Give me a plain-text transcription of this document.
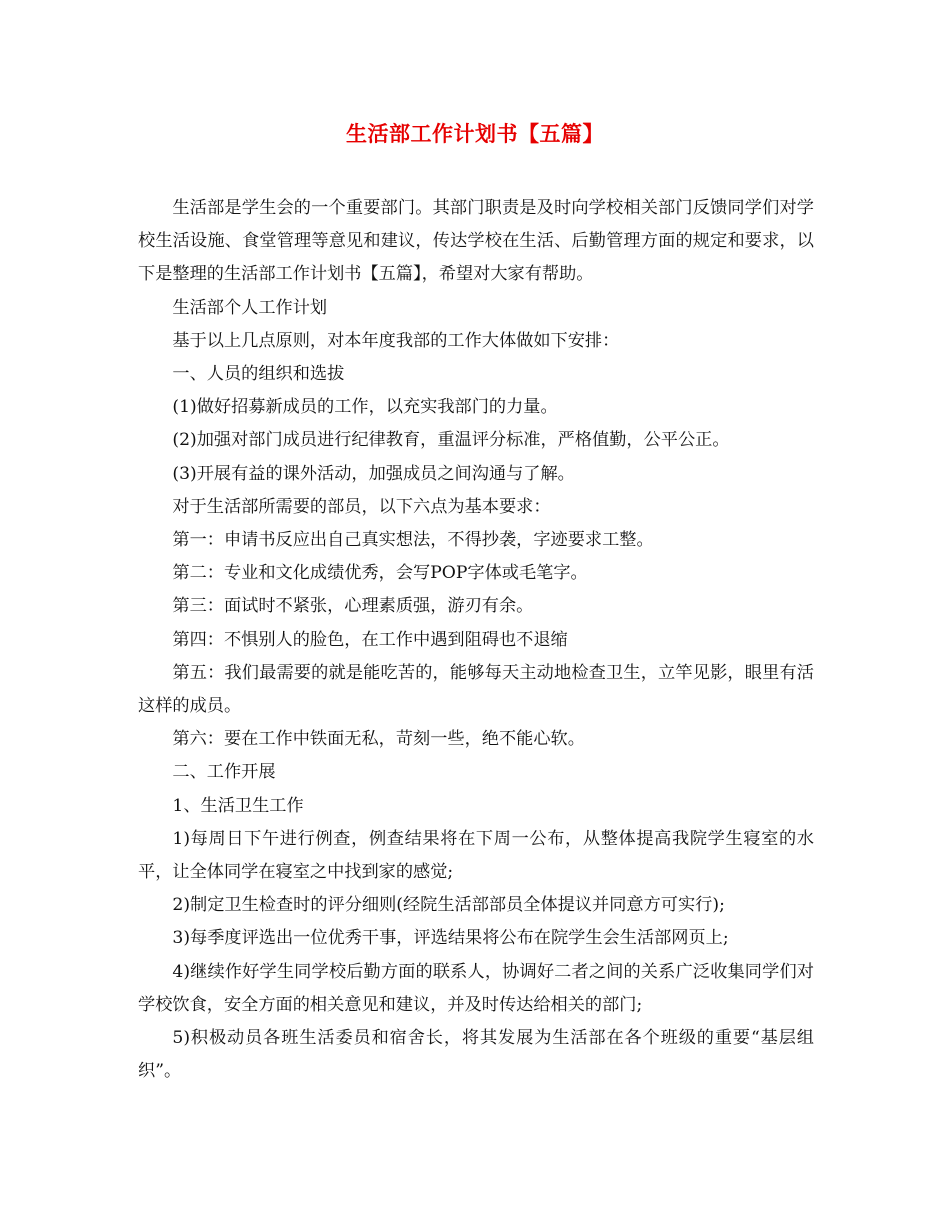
生活部工作计划书【五篇】

生活部是学生会的一个重要部门。其部门职责是及时向学校相关部门反馈同学们对学校生活设施、食堂管理等意见和建议，传达学校在生活、后勤管理方面的规定和要求，以下是整理的生活部工作计划书【五篇】，希望对大家有帮助。

生活部个人工作计划

基于以上几点原则，对本年度我部的工作大体做如下安排：

一、人员的组织和选拔

(1)做好招募新成员的工作，以充实我部门的力量。

(2)加强对部门成员进行纪律教育，重温评分标准，严格值勤，公平公正。

(3)开展有益的课外活动，加强成员之间沟通与了解。

对于生活部所需要的部员，以下六点为基本要求：

第一：申请书反应出自己真实想法，不得抄袭，字迹要求工整。

第二：专业和文化成绩优秀，会写POP字体或毛笔字。

第三：面试时不紧张，心理素质强，游刃有余。

第四：不惧别人的脸色，在工作中遇到阻碍也不退缩

第五：我们最需要的就是能吃苦的，能够每天主动地检查卫生，立竿见影，眼里有活这样的成员。

第六：要在工作中铁面无私，苛刻一些，绝不能心软。

二、工作开展

1、生活卫生工作

1)每周日下午进行例查，例查结果将在下周一公布，从整体提高我院学生寝室的水平，让全体同学在寝室之中找到家的感觉;

2)制定卫生检查时的评分细则(经院生活部部员全体提议并同意方可实行);

3)每季度评选出一位优秀干事，评选结果将公布在院学生会生活部网页上;

4)继续作好学生同学校后勤方面的联系人，协调好二者之间的关系广泛收集同学们对学校饮食，安全方面的相关意见和建议，并及时传达给相关的部门;

5)积极动员各班生活委员和宿舍长，将其发展为生活部在各个班级的重要“基层组织”。
